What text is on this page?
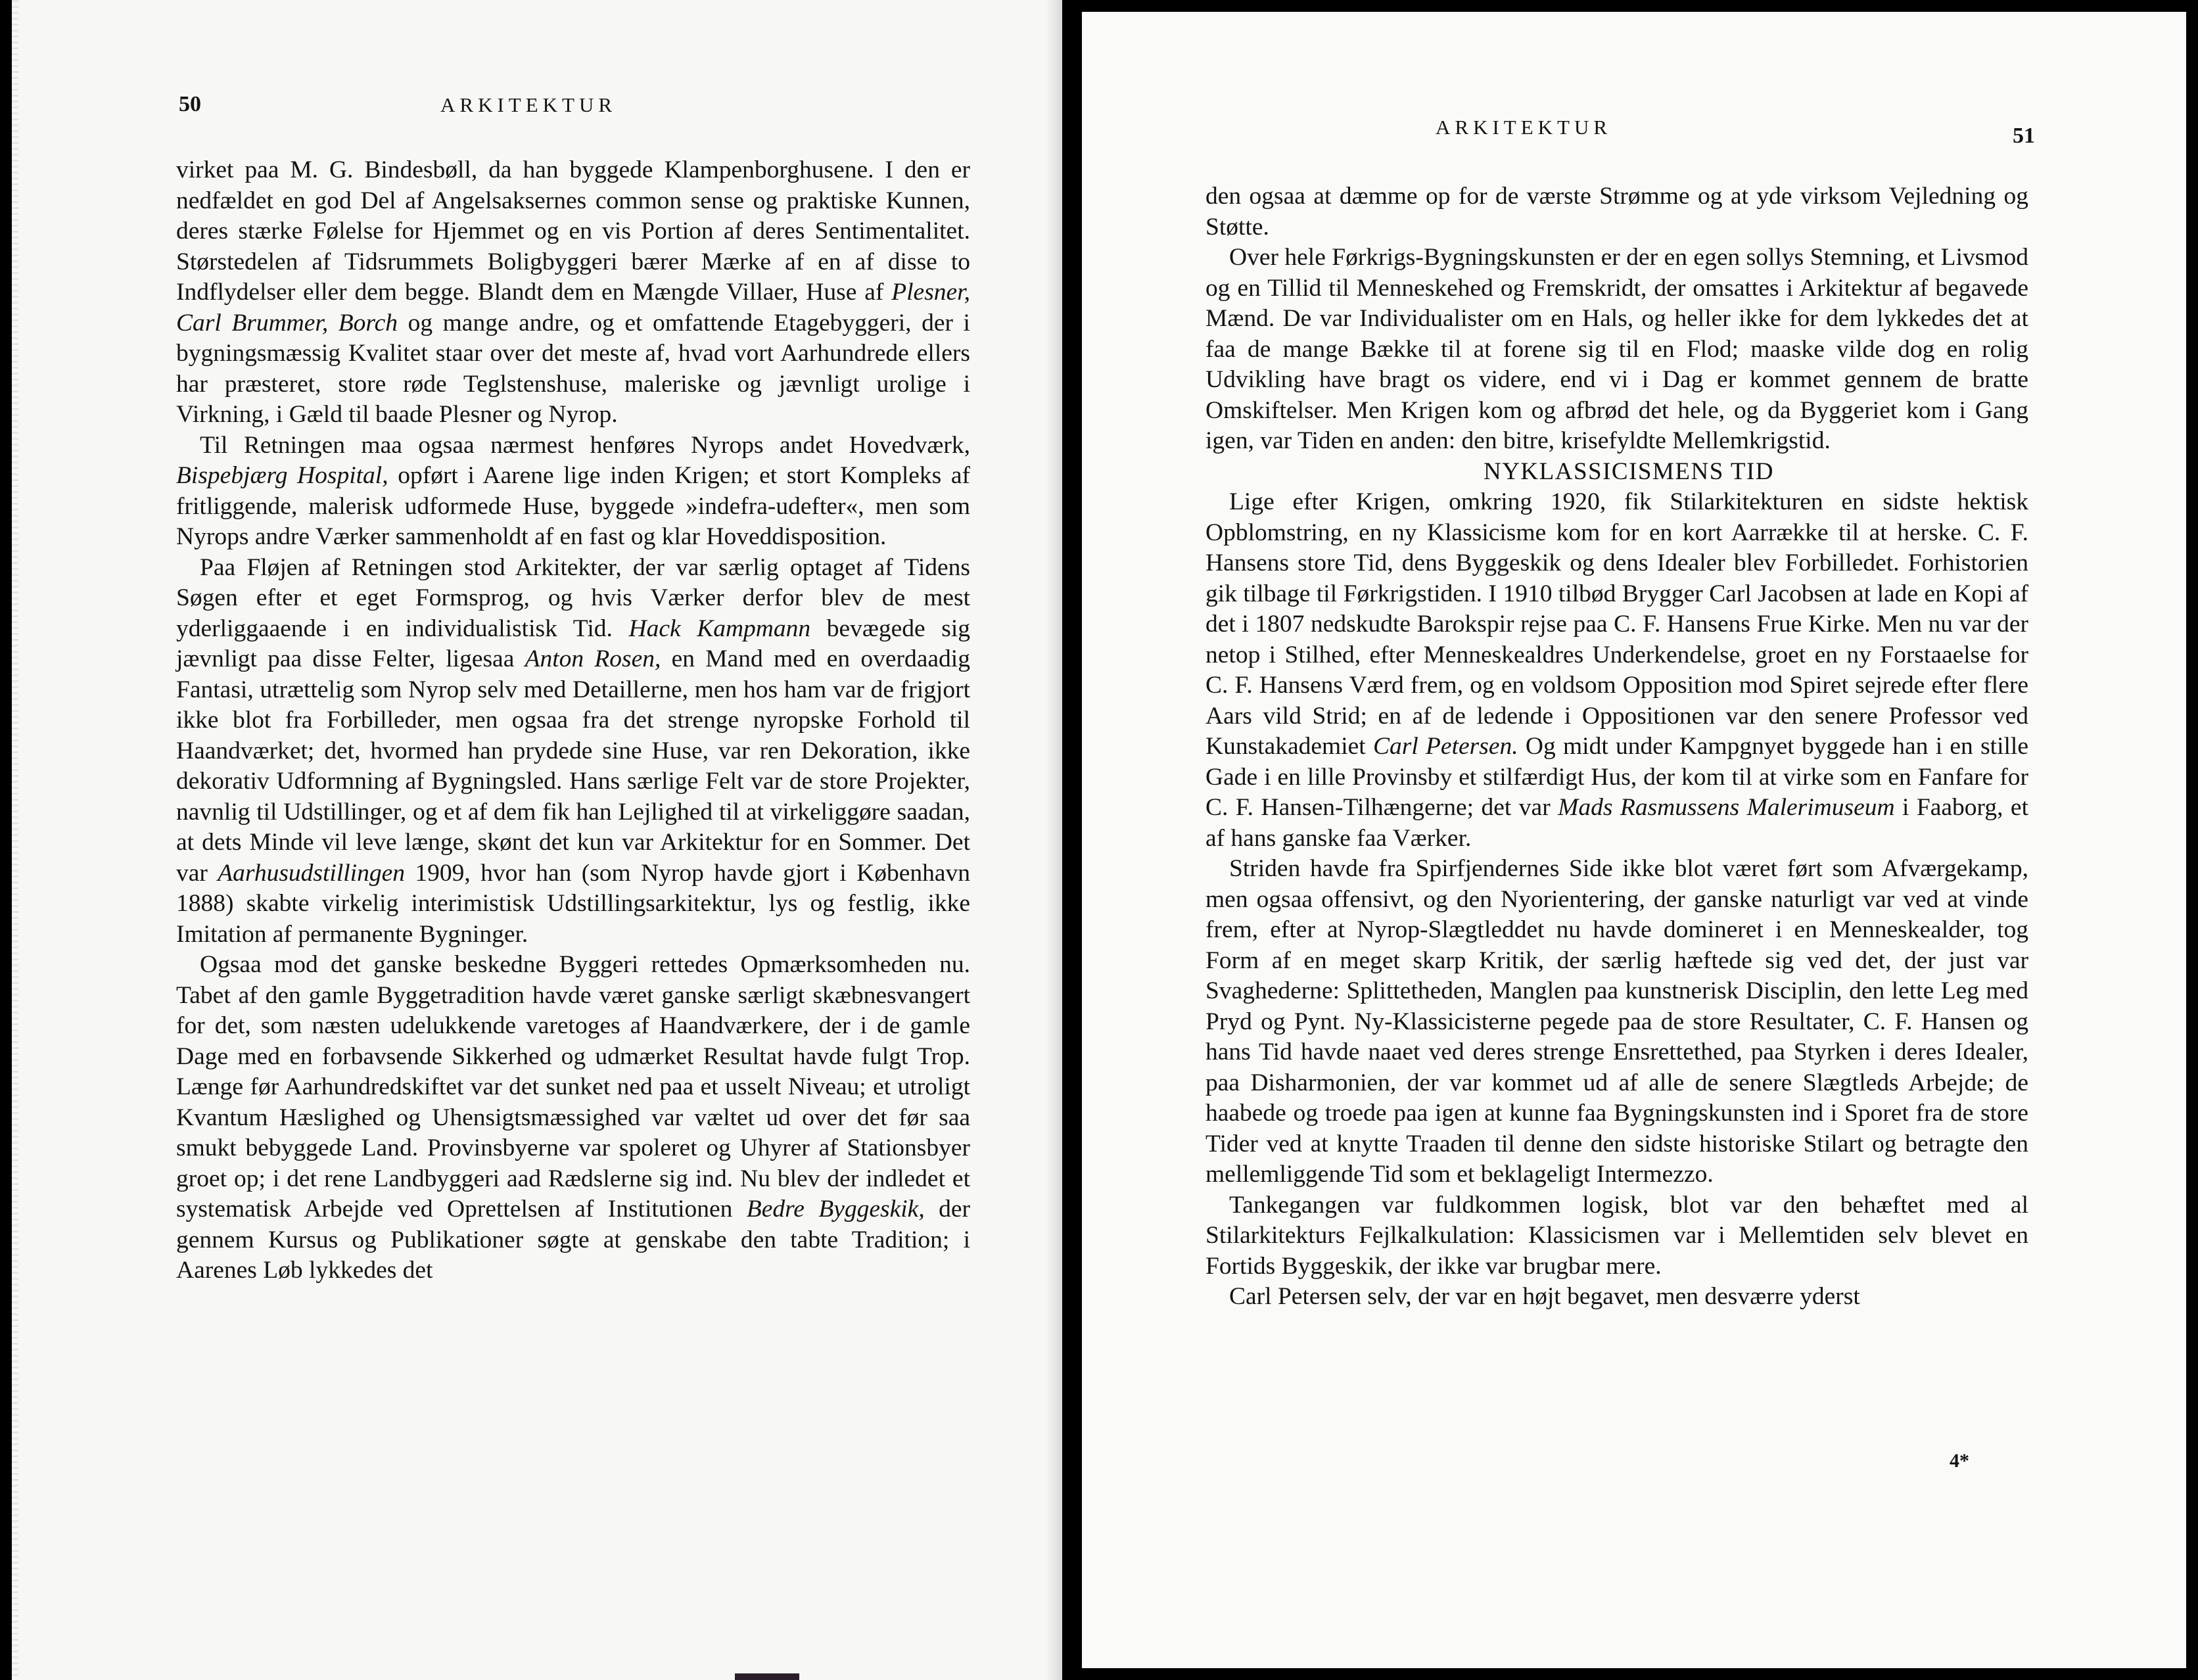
50	ARKITEKTUR

virket paa M. G. Bindesbøll, da han byggede Klampenborghusene. I den er nedfældet en god Del af Angelsaksernes common sense og praktiske Kunnen, deres stærke Følelse for Hjemmet og en vis Portion af deres Sentimentalitet. Størstedelen af Tidsrummets Boligbyggeri bærer Mærke af en af disse to Indflydelser eller dem begge. Blandt dem en Mængde Villaer, Huse af Plesner, Carl Brummer, Borch og mange andre, og et omfattende Etagebyggeri, der i bygningsmæssig Kvalitet staar over det meste af, hvad vort Aarhundrede ellers har præsteret, store røde Teglstenshuse, maleriske og jævnligt urolige i Virkning, i Gæld til baade Plesner og Nyrop.

Til Retningen maa ogsaa nærmest henføres Nyrops andet Hovedværk, Bispebjærg Hospital, opført i Aarene lige inden Krigen; et stort Kompleks af fritliggende, malerisk udformede Huse, byggede »indefra-udefter«, men som Nyrops andre Værker sammenholdt af en fast og klar Hoveddisposition.

Paa Fløjen af Retningen stod Arkitekter, der var særlig optaget af Tidens Søgen efter et eget Formsprog, og hvis Værker derfor blev de mest yderliggaaende i en individualistisk Tid. Hack Kampmann bevægede sig jævnligt paa disse Felter, ligesaa Anton Rosen, en Mand med en overdaadig Fantasi, utrættelig som Nyrop selv med Detaillerne, men hos ham var de frigjort ikke blot fra Forbilleder, men ogsaa fra det strenge nyropske Forhold til Haandværket; det, hvormed han prydede sine Huse, var ren Dekoration, ikke dekorativ Udformning af Bygningsled. Hans særlige Felt var de store Projekter, navnlig til Udstillinger, og et af dem fik han Lejlighed til at virkeliggøre saadan, at dets Minde vil leve længe, skønt det kun var Arkitektur for en Sommer. Det var Aarhusudstillingen 1909, hvor han (som Nyrop havde gjort i København 1888) skabte virkelig interimistisk Udstillingsarkitektur, lys og festlig, ikke Imitation af permanente Bygninger.

Ogsaa mod det ganske beskedne Byggeri rettedes Opmærksomheden nu. Tabet af den gamle Byggetradition havde været ganske særligt skæbnesvangert for det, som næsten udelukkende varetoges af Haandværkere, der i de gamle Dage med en forbavsende Sikkerhed og udmærket Resultat havde fulgt Trop. Længe før Aarhundredskiftet var det sunket ned paa et usselt Niveau; et utroligt Kvantum Hæslighed og Uhensigtsmæssighed var væltet ud over det før saa smukt bebyggede Land. Provinsbyerne var spoleret og Uhyrer af Stationsbyer groet op; i det rene Landbyggeri aad Rædslerne sig ind. Nu blev der indledet et systematisk Arbejde ved Oprettelsen af Institutionen Bedre Byggeskik, der gennem Kursus og Publikationer søgte at genskabe den tabte Tradition; i Aarenes Løb lykkedes det

ARKITEKTUR	51

den ogsaa at dæmme op for de værste Strømme og at yde virksom Vejledning og Støtte.

Over hele Førkrigs-Bygningskunsten er der en egen sollys Stemning, et Livsmod og en Tillid til Menneskehed og Fremskridt, der omsattes i Arkitektur af begavede Mænd. De var Individualister om en Hals, og heller ikke for dem lykkedes det at faa de mange Bække til at forene sig til en Flod; maaske vilde dog en rolig Udvikling have bragt os videre, end vi i Dag er kommet gennem de bratte Omskiftelser. Men Krigen kom og afbrød det hele, og da Byggeriet kom i Gang igen, var Tiden en anden: den bitre, krisefyldte Mellemkrigstid.

NYKLASSICISMENS TID

Lige efter Krigen, omkring 1920, fik Stilarkitekturen en sidste hektisk Opblomstring, en ny Klassicisme kom for en kort Aarrække til at herske. C. F. Hansens store Tid, dens Byggeskik og dens Idealer blev Forbilledet. Forhistorien gik tilbage til Førkrigstiden. I 1910 tilbød Brygger Carl Jacobsen at lade en Kopi af det i 1807 nedskudte Barokspir rejse paa C. F. Hansens Frue Kirke. Men nu var der netop i Stilhed, efter Menneskealdres Underkendelse, groet en ny Forstaaelse for C. F. Hansens Værd frem, og en voldsom Opposition mod Spiret sejrede efter flere Aars vild Strid; en af de ledende i Oppositionen var den senere Professor ved Kunstakademiet Carl Petersen. Og midt under Kampgnyet byggede han i en stille Gade i en lille Provinsby et stilfærdigt Hus, der kom til at virke som en Fanfare for C. F. Hansen-Tilhængerne; det var Mads Rasmussens Malerimuseum i Faaborg, et af hans ganske faa Værker.

Striden havde fra Spirfjendernes Side ikke blot været ført som Afværgekamp, men ogsaa offensivt, og den Nyorientering, der ganske naturligt var ved at vinde frem, efter at Nyrop-Slægtleddet nu havde domineret i en Menneskealder, tog Form af en meget skarp Kritik, der særlig hæftede sig ved det, der just var Svaghederne: Splittetheden, Manglen paa kunstnerisk Disciplin, den lette Leg med Pryd og Pynt. Ny-Klassicisterne pegede paa de store Resultater, C. F. Hansen og hans Tid havde naaet ved deres strenge Ensrettethed, paa Styrken i deres Idealer, paa Disharmonien, der var kommet ud af alle de senere Slægtleds Arbejde; de haabede og troede paa igen at kunne faa Bygningskunsten ind i Sporet fra de store Tider ved at knytte Traaden til denne den sidste historiske Stilart og betragte den mellemliggende Tid som et beklageligt Intermezzo.

Tankegangen var fuldkommen logisk, blot var den behæftet med al Stilarkitekturs Fejlkalkulation: Klassicismen var i Mellemtiden selv blevet en Fortids Byggeskik, der ikke var brugbar mere.

Carl Petersen selv, der var en højt begavet, men desværre yderst

4*
